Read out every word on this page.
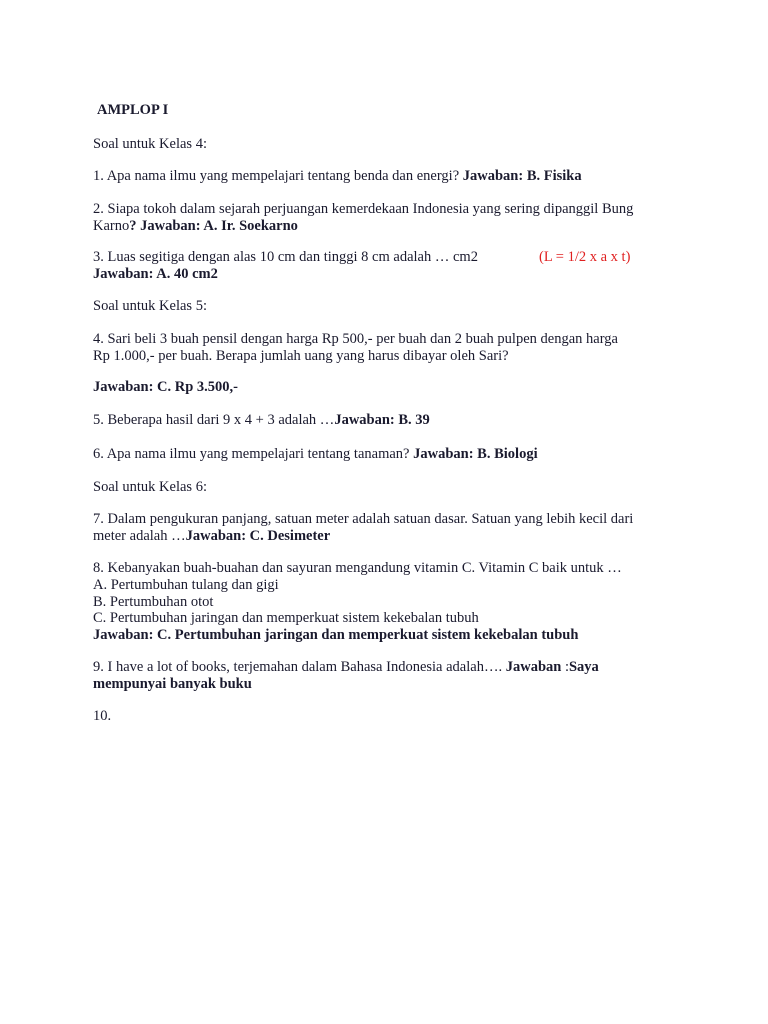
AMPLOP I
Soal untuk Kelas 4:
1. Apa nama ilmu yang mempelajari tentang benda dan energi? Jawaban: B. Fisika
2. Siapa tokoh dalam sejarah perjuangan kemerdekaan Indonesia yang sering dipanggil Bung
Karno? Jawaban: A. Ir. Soekarno
3. Luas segitiga dengan alas 10 cm dan tinggi 8 cm adalah … cm2	(L = 1/2 x a x t)
Jawaban: A. 40 cm2
Soal untuk Kelas 5:
4. Sari beli 3 buah pensil dengan harga Rp 500,- per buah dan 2 buah pulpen dengan harga
Rp 1.000,- per buah. Berapa jumlah uang yang harus dibayar oleh Sari?
Jawaban: C. Rp 3.500,-
5. Beberapa hasil dari 9 x 4 + 3 adalah …Jawaban: B. 39
6. Apa nama ilmu yang mempelajari tentang tanaman? Jawaban: B. Biologi
Soal untuk Kelas 6:
7. Dalam pengukuran panjang, satuan meter adalah satuan dasar. Satuan yang lebih kecil dari
meter adalah …Jawaban: C. Desimeter
8. Kebanyakan buah-buahan dan sayuran mengandung vitamin C. Vitamin C baik untuk …
A. Pertumbuhan tulang dan gigi
B. Pertumbuhan otot
C. Pertumbuhan jaringan dan memperkuat sistem kekebalan tubuh
Jawaban: C. Pertumbuhan jaringan dan memperkuat sistem kekebalan tubuh
9. I have a lot of books, terjemahan dalam Bahasa Indonesia adalah…. Jawaban :Saya
mempunyai banyak buku
10.
